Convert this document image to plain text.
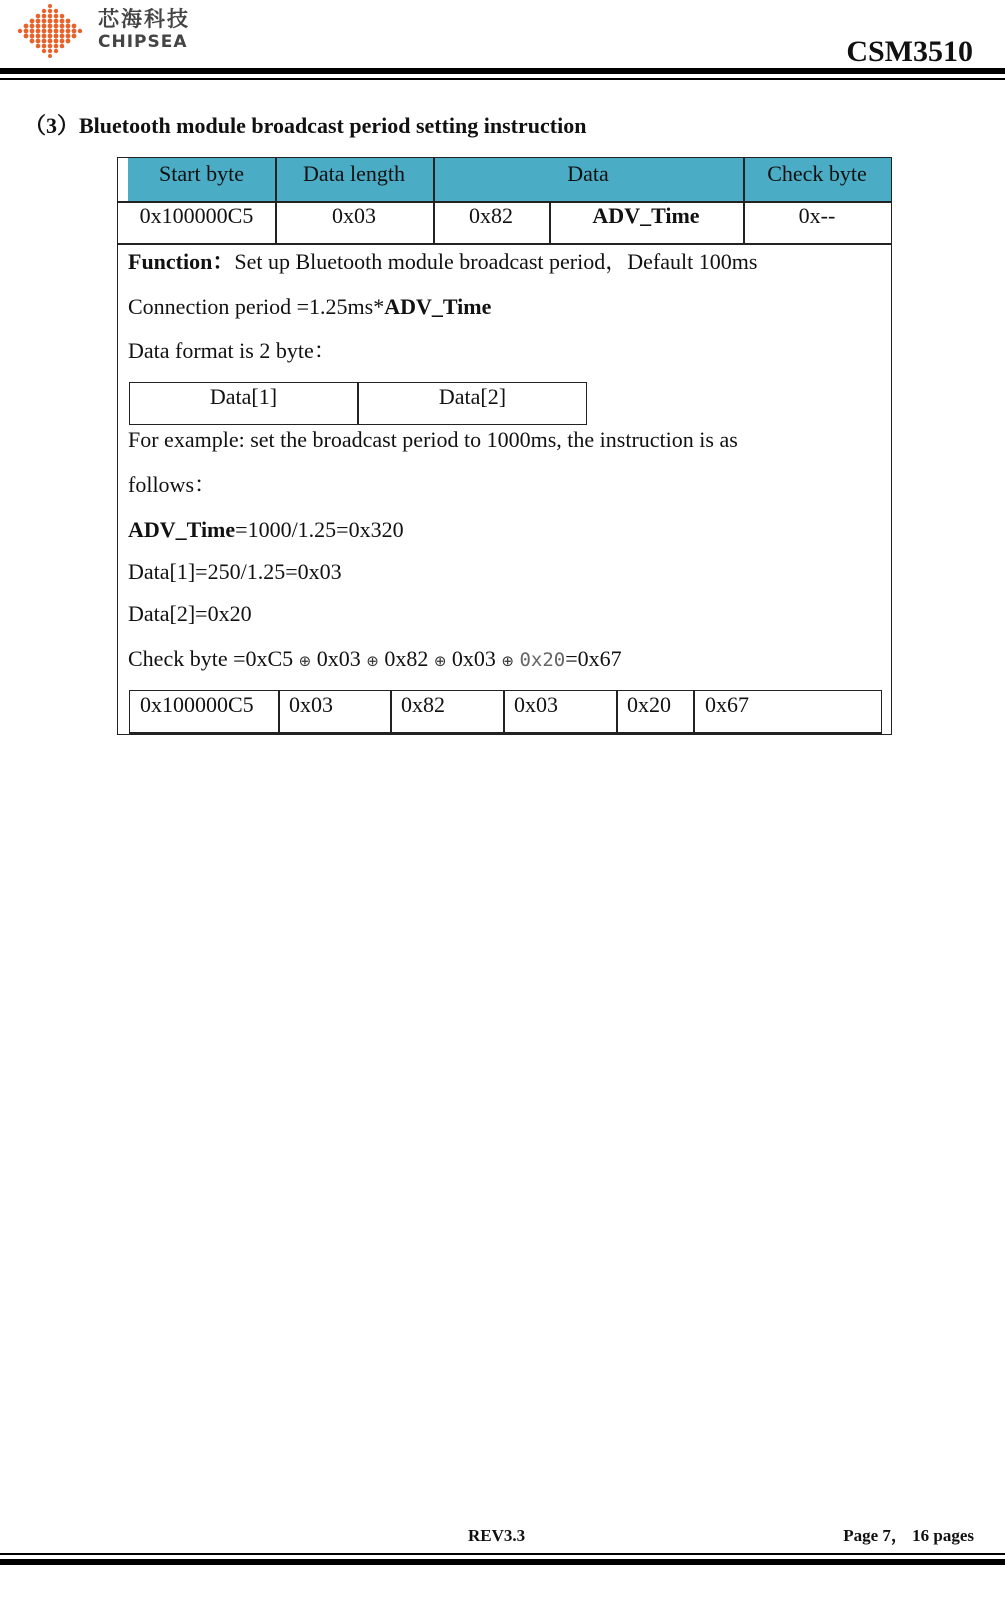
芯海科技
CHIPSEA	CSM3510
（3）Bluetooth module broadcast period setting instruction
Start byte	Data length	Data	Check byte
0x100000C5	0x03	0x82	ADV_Time	0x--
Function：Set up Bluetooth module broadcast period，Default 100ms
Connection period =1.25ms*ADV_Time
Data format is 2 byte：
Data[1]	Data[2]
For example: set the broadcast period to 1000ms, the instruction is as
follows：
ADV_Time=1000/1.25=0x320
Data[1]=250/1.25=0x03
Data[2]=0x20
Check byte =0xC5 ⊕ 0x03 ⊕ 0x82 ⊕ 0x03 ⊕ 0x20=0x67
0x100000C5	0x03	0x82	0x03	0x20	0x67
REV3.3	Page 7， 16 pages
